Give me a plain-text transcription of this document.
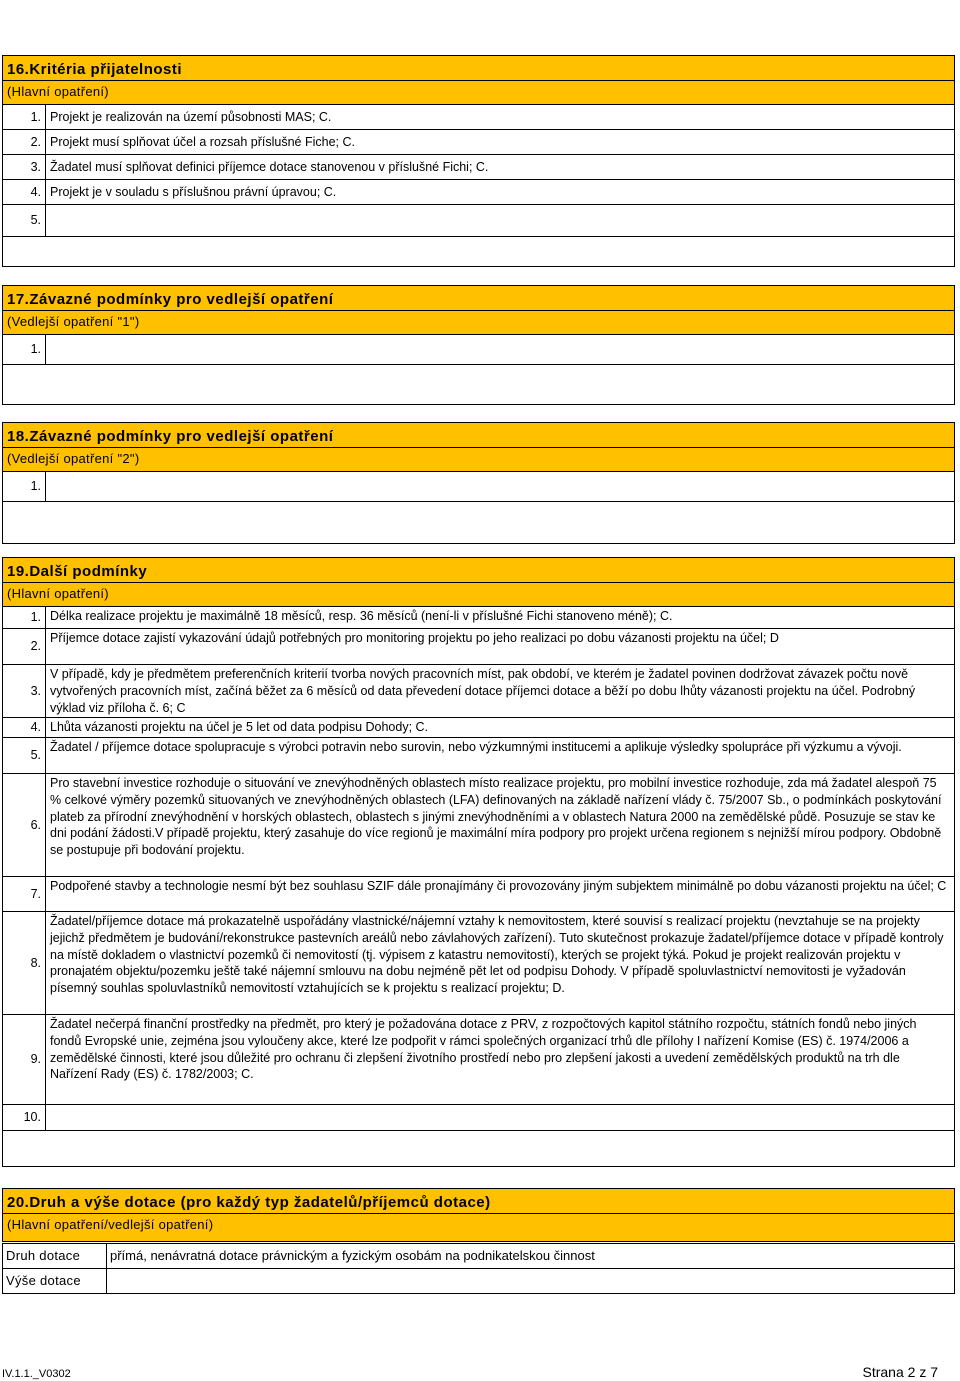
16.Kritéria přijatelnosti
(Hlavní opatření)
1. Projekt je realizován na území působnosti MAS; C.
2. Projekt musí splňovat účel a rozsah příslušné Fiche; C.
3. Žadatel musí splňovat definici příjemce dotace stanovenou v příslušné Fichi; C.
4. Projekt je v souladu s příslušnou právní úpravou; C.
5.
17.Závazné podmínky pro vedlejší opatření
(Vedlejší opatření "1")
1.
18.Závazné podmínky pro vedlejší opatření
(Vedlejší opatření "2")
1.
19.Další podmínky
(Hlavní opatření)
1. Délka realizace projektu je maximálně 18 měsíců, resp. 36 měsíců (není-li v příslušné Fichi stanoveno méně); C.
2.
Příjemce dotace zajistí vykazování údajů potřebných pro monitoring projektu po jeho realizaci po dobu vázanosti projektu na účel; D
3.
V případě, kdy je předmětem preferenčních kriterií tvorba nových pracovních míst, pak období, ve kterém je žadatel povinen dodržovat závazek počtu nově vytvořených pracovních míst, začíná běžet za 6 měsíců od data převedení dotace příjemci dotace a běží po dobu lhůty vázanosti projektu na účel. Podrobný výklad viz příloha č. 6; C
4. Lhůta vázanosti projektu na účel je 5 let od data podpisu Dohody; C.
5.
Žadatel / příjemce dotace spolupracuje s výrobci potravin nebo surovin, nebo výzkumnými institucemi a aplikuje výsledky spolupráce při výzkumu a vývoji.
6.
Pro stavební investice rozhoduje o situování ve znevýhodněných oblastech místo realizace projektu, pro mobilní investice rozhoduje, zda má žadatel alespoň 75 % celkové výměry pozemků situovaných ve znevýhodněných oblastech (LFA) definovaných na základě nařízení vlády č. 75/2007 Sb., o podmínkách poskytování plateb za přírodní znevýhodnění v horských oblastech, oblastech s jinými znevýhodněními a v oblastech Natura 2000 na zemědělské půdě. Posuzuje se stav ke dni podání žádosti.V případě projektu, který zasahuje do více regionů je maximální míra podpory pro projekt určena regionem s nejnižší mírou podpory. Obdobně se postupuje při bodování projektu.
7.
Podpořené stavby a technologie nesmí být bez souhlasu SZIF dále pronajímány či provozovány jiným subjektem minimálně po dobu vázanosti projektu na účel; C
8.
Žadatel/příjemce dotace má prokazatelně uspořádány vlastnické/nájemní vztahy k nemovitostem, které souvisí s realizací projektu (nevztahuje se na projekty jejichž předmětem je budování/rekonstrukce pastevních areálů nebo závlahových zařízení). Tuto skutečnost prokazuje žadatel/příjemce dotace v případě kontroly na místě dokladem o vlastnictví pozemků či nemovitostí (tj. výpisem z katastru nemovitostí), kterých se projekt týká. Pokud je projekt realizován projektu v pronajatém objektu/pozemku ještě také nájemní smlouvu na dobu nejméně pět let od podpisu Dohody. V případě spoluvlastnictví nemovitosti je vyžadován písemný souhlas spoluvlastníků nemovitostí vztahujících se k projektu s realizací projektu; D.
9.
Žadatel nečerpá finanční prostředky na předmět, pro který je požadována dotace z PRV, z rozpočtových kapitol státního rozpočtu, státních fondů nebo jiných fondů Evropské unie, zejména jsou vyloučeny akce, které lze podpořit v rámci společných organizací trhů dle přílohy I nařízení Komise (ES) č. 1974/2006 a zemědělské činnosti, které jsou důležité pro ochranu či zlepšení životního prostředí nebo pro zlepšení jakosti a uvedení zemědělských produktů na trh dle Nařízení Rady (ES) č. 1782/2003; C.
10.
20.Druh a výše dotace (pro každý typ žadatelů/příjemců dotace)
(Hlavní opatření/vedlejší opatření)
Druh dotace	přímá, nenávratná dotace právnickým a fyzickým osobám na podnikatelskou činnost
Výše dotace
IV.1.1._V0302	Strana 2 z 7
